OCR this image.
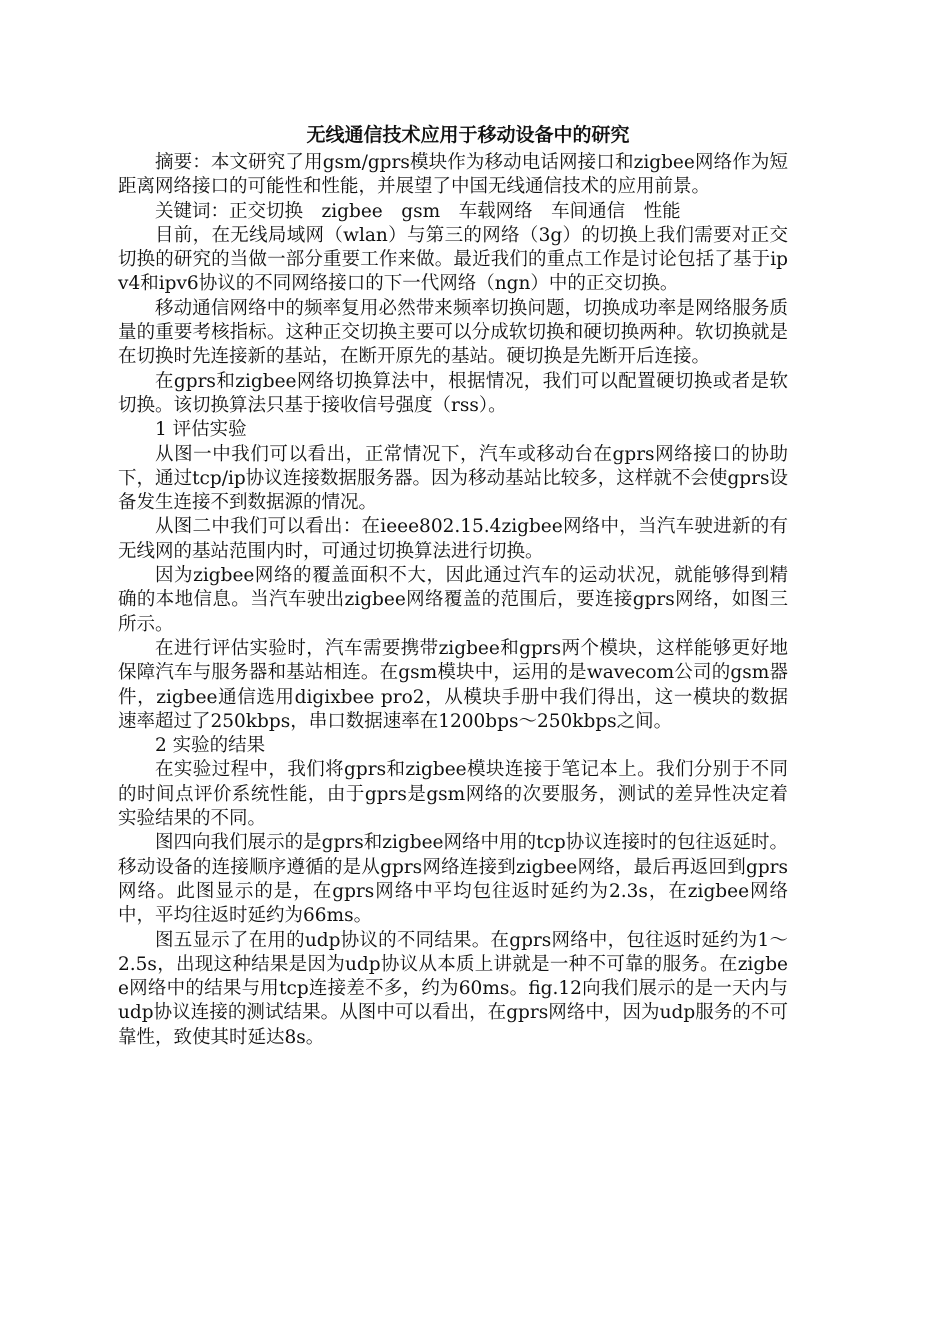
无线通信技术应用于移动设备中的研究

摘要：本文研究了用gsm/gprs模块作为移动电话网接口和zigbee网络作为短距离网络接口的可能性和性能，并展望了中国无线通信技术的应用前景。

关键词：正交切换　zigbee　gsm　车载网络　车间通信　性能

目前，在无线局域网（wlan）与第三的网络（3g）的切换上我们需要对正交切换的研究的当做一部分重要工作来做。最近我们的重点工作是讨论包括了基于ipv4和ipv6协议的不同网络接口的下一代网络（ngn）中的正交切换。

移动通信网络中的频率复用必然带来频率切换问题，切换成功率是网络服务质量的重要考核指标。这种正交切换主要可以分成软切换和硬切换两种。软切换就是在切换时先连接新的基站，在断开原先的基站。硬切换是先断开后连接。

在gprs和zigbee网络切换算法中，根据情况，我们可以配置硬切换或者是软切换。该切换算法只基于接收信号强度（rss）。

1 评估实验

从图一中我们可以看出，正常情况下，汽车或移动台在gprs网络接口的协助下，通过tcp/ip协议连接数据服务器。因为移动基站比较多，这样就不会使gprs设备发生连接不到数据源的情况。

从图二中我们可以看出：在ieee802.15.4zigbee网络中，当汽车驶进新的有无线网的基站范围内时，可通过切换算法进行切换。

因为zigbee网络的覆盖面积不大，因此通过汽车的运动状况，就能够得到精确的本地信息。当汽车驶出zigbee网络覆盖的范围后，要连接gprs网络，如图三所示。

在进行评估实验时，汽车需要携带zigbee和gprs两个模块，这样能够更好地保障汽车与服务器和基站相连。在gsm模块中，运用的是wavecom公司的gsm器件，zigbee通信选用digixbee pro2，从模块手册中我们得出，这一模块的数据速率超过了250kbps，串口数据速率在1200bps～250kbps之间。

2 实验的结果

在实验过程中，我们将gprs和zigbee模块连接于笔记本上。我们分别于不同的时间点评价系统性能，由于gprs是gsm网络的次要服务，测试的差异性决定着实验结果的不同。

图四向我们展示的是gprs和zigbee网络中用的tcp协议连接时的包往返延时。移动设备的连接顺序遵循的是从gprs网络连接到zigbee网络，最后再返回到gprs网络。此图显示的是，在gprs网络中平均包往返时延约为2.3s，在zigbee网络中，平均往返时延约为66ms。

图五显示了在用的udp协议的不同结果。在gprs网络中，包往返时延约为1～2.5s，出现这种结果是因为udp协议从本质上讲就是一种不可靠的服务。在zigbee网络中的结果与用tcp连接差不多，约为60ms。fig.12向我们展示的是一天内与udp协议连接的测试结果。从图中可以看出，在gprs网络中，因为udp服务的不可靠性，致使其时延达8s。
